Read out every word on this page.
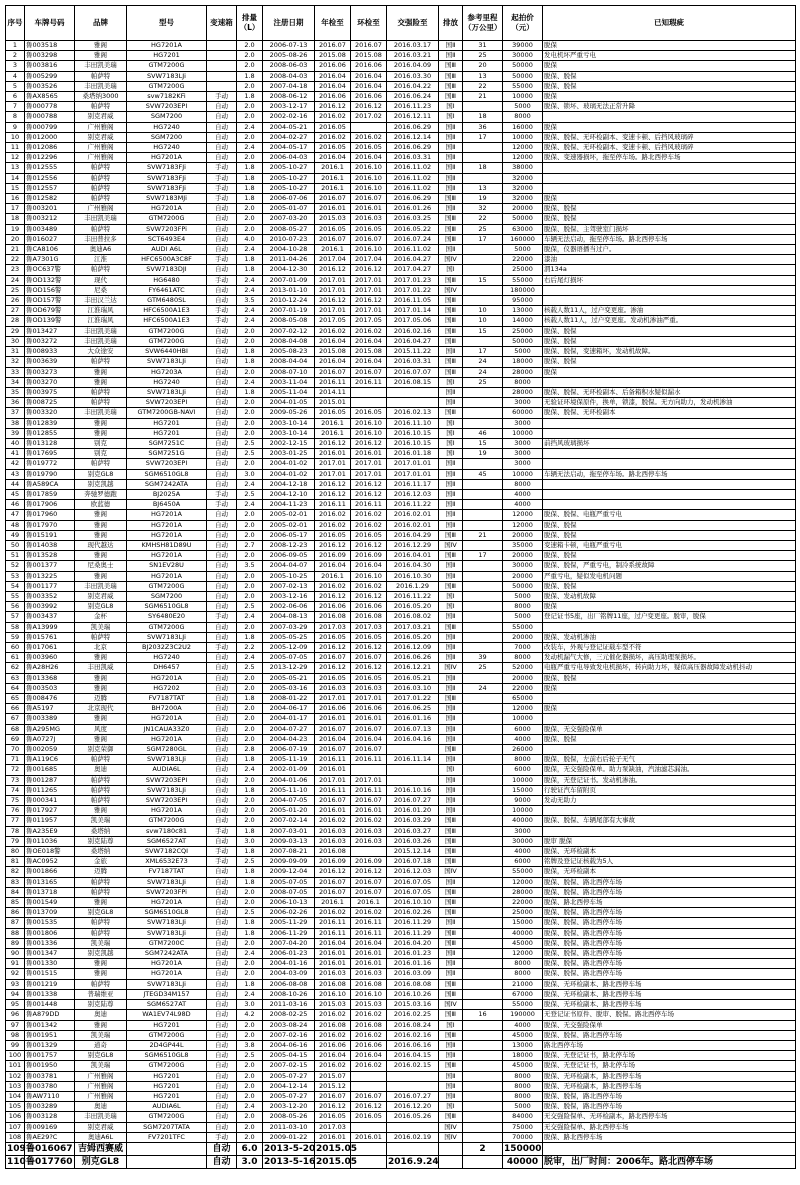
序号	车牌号码	品牌	型号	变速箱	排量（L）	注册日期	年检至	环检至	交强险至	排放	参考里程（万公里）	起拍价（元）	已知瑕疵
1	鲁003518	雅阁	HG7201A		2.0	2006-07-13	2016.07	2016.07	2016.03.17	国Ⅱ	31	39000	脱保
2	鲁003298	雅阁	HG7201		2.0	2005-08-26	2015.08	2015.08	2016.03.21	国Ⅱ	25	30000	发电机坏严重亏电
3	鲁003816	丰田凯美瑞	GTM7200G		2.0	2008-06-03	2016.06	2016.06	2016.04.09	国Ⅲ	20	50000	脱保
4	鲁005299	帕萨特	SVW7183LJi		1.8	2008-04-03	2016.04	2016.04	2016.03.30	国Ⅲ	13	50000	脱保、脱保
5	鲁003526	丰田凯美瑞	GTM7200G		2.0	2007-04-18	2016.04	2016.04	2016.04.22	国Ⅲ	22	55000	脱保、脱保
6	鲁AX8565	桑塔纳3000	svw7182KFi	手动	1.8	2008-06-12	2016.06	2016.06	2016.06.24	国Ⅲ	21	10000	脱保
7	鲁000778	帕萨特	SVW7203EPI	自动	2.0	2003-12-17	2016.12	2016.12	2016.11.23	国Ⅰ		5000	脱保、锁坏、玻璃无法正常升降
8	鲁000788	别克君威	SGM7200	自动	2.0	2002-02-16	2016.02	2017.02	2016.12.11	国Ⅰ	18	8000	
9	鲁000799	广州雅阁	HG7240	自动	2.4	2004-05-21	2016.05		2016.06.29	国Ⅱ	36	16000	脱保
10	鲁012000	别克君威	SGM7200	自动	2.0	2004-02-27	2016.02	2016.02	2016.12.14	国Ⅱ	17	10000	脱保、脱保、无环检副本、变速卡顿、后挡风玻璃碎
11	鲁012086	广州雅阁	HG7240	自动	2.4	2004-05-17	2016.05	2016.05	2016.06.29	国Ⅱ		12000	脱保、脱保、无环检副本、变速卡顿、后挡风玻璃碎
12	鲁012296	广州雅阁	HG7201A	自动	2.0	2006-04-03	2016.04	2016.04	2016.03.31	国Ⅱ		12000	脱保、变速器损坏，拖至停车场。路北西停车场
13	鲁012555	帕萨特	SVW7183FJi	手动	1.8	2005-10-27	2016.1	2016.10	2016.11.02	国Ⅱ	18	38000	
14	鲁012556	帕萨特	SVW7183FJi	手动	1.8	2005-10-27	2016.1	2016.10	2016.11.02	国Ⅱ		32000	
15	鲁012557	帕萨特	SVW7183FJi	手动	1.8	2005-10-27	2016.1	2016.10	2016.11.02	国Ⅱ	13	32000	
16	鲁012582	帕萨特	SVW7183MJi	手动	1.8	2006-07-06	2016.07	2016.07	2016.06.29	国Ⅲ	19	32000	脱保
17	鲁003201	广州雅阁	HG7201A	自动	2.0	2005-01-07	2016.01	2016.01	2016.01.26	国Ⅱ	32	20000	脱保、脱保
18	鲁003212	丰田凯美瑞	GTM7200G	自动	2.0	2007-03-20	2015.03	2016.03	2016.03.25	国Ⅲ	22	50000	脱保、脱保
19	鲁003489	帕萨特	SVW7203FPi	自动	2.0	2008-05-27	2016.05	2016.05	2016.05.22	国Ⅲ	25	63000	脱保、脱保、主驾驶室门损坏
20	鲁016027	丰田普拉多	SCT6493E4	自动	4.0	2010-07-23	2016.07	2016.07	2016.07.24	国Ⅲ	17	160000	车辆无法启动，拖至停车场。路北西停车场
21	鲁CA8106	奥迪A6	AUDI A6L	自动	2.4	2004-10-28	2016.1	2016.10	2016.11.02	国Ⅱ		5000	脱保，仪器语播当过户。
22	鲁A7301G	江淮	HFC6500A3C8F	手动	1.8	2011-04-26	2017.04	2017.04	2016.04.27	国Ⅳ		22000	漆油
23	鲁OC637警	帕萨特	SVW7183DJI	自动	1.8	2004-12-30	2016.12	2016.12	2017.04.27	国Ⅰ		25000	渭134a
24	鲁OD132警	现代	HG6480	手动	2.4	2007-01-09	2017.01	2017.01	2017.01.23	国Ⅲ	15	55000	右后尾灯损坏
25	鲁OD156警	尼桑	FY6461ATC	自动	2.4	2013-01-10	2017.01	2017.01	2017.01.22	国Ⅳ		180000	
26	鲁OD157警	丰田汉兰达	GTM6480SL	自动	3.5	2010-12-24	2016.12	2016.12	2016.11.05	国Ⅲ		95000	
27	鲁OD679警	江淮瑞风	HFC6500A1E3	手动	2.4	2007-01-19	2017.01	2017.01	2017.01.14	国Ⅲ	10	13000	核载人数11人，过户变更座。渗油
28	鲁OD139警	江淮瑞风	HFC6500A1E3	手动	2.4	2008-05-08	2017.05	2017.05	2017.05.06	国Ⅲ	10	14000	核载人数11人，过户变更座。发动机渗油严重。
29	鲁013427	丰田凯美瑞	GTM7200G	自动	2.0	2007-02-12	2016.02	2016.02	2016.02.16	国Ⅲ	15	25000	脱保、脱保
30	鲁003272	丰田凯美瑞	GTM7200G	自动	2.0	2008-04-08	2016.04	2016.04	2016.04.27	国Ⅲ		50000	脱保、脱保
31	鲁008933	大众途安	SVW6440HBI	自动	1.8	2005-08-23	2015.08	2015.08	2015.11.22	国Ⅱ	17	5000	脱保、脱保，变速箱坏，发动机故障。
32	鲁003639	帕萨特	SVW7183LJi	自动	1.8	2008-04-04	2016.04	2016.04	2016.03.31	国Ⅲ	24	18000	脱保、脱保
33	鲁003273	雅阁	HG7203A	自动	2.0	2008-07-10	2016.07	2016.07	2016.07.07	国Ⅲ	24	28000	脱保
34	鲁003270	雅阁	HG7240	自动	2.4	2003-11-04	2016.11	2016.11	2016.08.15	国Ⅰ	25	8000	
35	鲁003975	帕萨特	SVW7183LJi	自动	1.8	2005-11-04	2014.11			国Ⅱ		28000	脱保、脱保、无环检副本、后备箱积水疑似漏水
36	鲁008725	帕萨特	SVW7203EPI	自动	2.0	2004-01-05	2015.01			国Ⅱ		3000	无验证环境保原件，换单，锁漆，脱保。无方向助力，发动机渗油
37	鲁003320	丰田凯美瑞	GTM7200GB-NAVI	自动	2.0	2009-05-26	2016.05	2016.05	2016.02.13	国Ⅲ		60000	脱保、脱保、无环检副本
38	鲁012839	雅阁	HG7201	自动	2.0	2003-10-14	2016.1	2016.10	2016.11.10	国Ⅰ		3000	
39	鲁012855	雅阁	HG7201	自动	2.0	2003-10-14	2016.1	2016.10	2016.10.15	国Ⅰ	46	10000	
40	鲁013128	别克	SGM7251C	自动	2.5	2002-12-15	2016.12	2016.12	2016.10.15	国Ⅰ	15	3000	前挡风玻璃损坏
41	鲁017695	别克	SGM7251G	自动	2.5	2003-01-25	2016.01	2016.01	2016.01.18	国Ⅰ	19	3000	
42	鲁019772	帕萨特	SVW7203EPI	自动	2.0	2004-01-02	2017.01	2017.01	2017.01.01	国Ⅱ		3000	
43	鲁019790	别克GL8	SGM6510GL8	自动	3.0	2004-01-02	2017.01	2017.01	2017.01.01	国Ⅱ	45	10000	车辆无法启动，拖至停车场。路北西停车场
44	鲁A589CA	别克凯越	SGM7242ATA	自动	2.4	2004-12-18	2016.12	2016.12	2016.11.17	国Ⅱ		8000	
45	鲁017859	奔驰罗德跑	BJ2025A	手动	2.5	2004-12-10	2016.12	2016.12	2016.12.03	国Ⅱ		4000	
46	鲁017906	欧蓝德	BJ6450A	手动	2.4	2004-11-23	2016.11	2016.11	2016.11.22	国Ⅱ		4000	
47	鲁017960	雅阁	HG7201A	自动	2.0	2005-02-01	2016.02	2016.02	2016.02.01	国Ⅱ		12000	脱保、脱保、电瓶严重亏电
48	鲁017970	雅阁	HG7201A	自动	2.0	2005-02-01	2016.02	2016.02	2016.02.01	国Ⅱ		12000	脱保、脱保
49	鲁015191	雅阁	HG7201A	自动	2.0	2006-05-17	2016.05	2016.05	2016.04.29	国Ⅲ	21	20000	脱保、脱保
50	鲁014038	现代越达	KMHSH81D89U	自动	2.7	2008-12-23	2016.12	2016.12	2016.12.29	国Ⅳ		35000	变速箱卡顿，电瓶严重亏电
51	鲁013528	雅阁	HG7201A	自动	2.0	2006-09-05	2016.09	2016.09	2016.04.01	国Ⅲ	17	20000	脱保、脱保
52	鲁001377	尼桑奥士	SN1EV28U	自动	3.5	2004-04-07	2016.04	2016.04	2016.04.30	国Ⅱ		30000	脱保、脱保，严重亏电，制冷系统故障
53	鲁013225	雅阁	HG7201A	自动	2.0	2005-10-25	2016.1	2016.10	2016.10.30	国Ⅱ		20000	严重亏电，疑似发电机问题
54	鲁001177	丰田凯美瑞	GTM7200G	自动	2.0	2007-02-13	2016.02	2016.02	2016.1.29	国Ⅲ		50000	脱保、脱保
55	鲁003352	别克君威	SGM7200	自动	2.0	2003-12-16	2016.12	2016.12	2016.11.22	国Ⅰ		5000	脱保、发动机故障
56	鲁003992	别克GL8	SGM6510GL8	自动	2.5	2002-06-06	2016.06	2016.06	2016.05.20	国Ⅰ		8000	脱保
57	鲁003437	金杯	SY6480E20	手动	2.4	2004-08-13	2016.08	2016.08	2016.08.02	国Ⅱ		5000	登记证书5座，出厂铭牌11座，过户变更座。脱审，脱保
58	鲁A13999	凯美瑞	GTM7200G	自动	2.0	2007-03-29	2017.03	2017.03	2017.03.21	国Ⅲ		55000	
59	鲁015761	帕萨特	SVW7183LJi	自动	1.8	2005-05-25	2016.05	2016.05	2016.05.20	国Ⅱ		20000	脱保、发动机渗油
60	鲁017061	北京	BJ2032Z3C2U2	手动	2.2	2005-12-09	2016.12	2016.12	2016.12.09	国Ⅱ		7000	改装车，外观与登记证载车型不符
61	鲁003960	雅阁	HG7240	自动	2.4	2005-07-05	2016.07	2016.07	2016.06.26	国Ⅱ	39	8000	发动机漏气大修，三元催化器损坏，高压助理泵损坏。
62	鲁A28H26	丰田凯威	DH6457	自动	2.5	2013-12-29	2016.12	2016.12	2016.12.21	国Ⅳ	25	52000	电瓶严重亏电导致发电机损坏，转向助力坏，疑似高压器故障发动机抖动
63	鲁013368	雅阁	HG7201A	自动	2.0	2005-05-21	2016.05	2016.05	2016.05.21	国Ⅱ		20000	脱保、脱保
64	鲁003503	雅阁	HG7202	自动	2.0	2005-03-16	2016.03	2016.03	2016.03.10	国Ⅱ	24	22000	脱保
65	鲁008476	迈腾	FV7187TAT	自动	1.8	2008-01-22	2017.01	2017.01	2017.01.22	国Ⅲ		65000	
66	鲁A5197	北京现代	BH7200A	自动	2.0	2004-06-17	2016.06	2016.06	2016.06.25	国Ⅱ		12000	脱保
67	鲁003389	雅阁	HG7201A	自动	2.0	2004-01-17	2016.01	2016.01	2016.01.16	国Ⅱ		10000	
68	鲁A295MG	风度	JN1CAUA33Z0	自动	2.0	2004-07-27	2016.07	2016.07	2016.07.13	国Ⅱ		6000	脱保、无交强险保单
69	鲁A0727J	雅阁	HG7201A	自动	2.0	2004-04-23	2016.04	2016.04	2016.04.16	国Ⅱ		4000	脱保、脱保
70	鲁002059	别克荣御	SGM7280GL	自动	2.8	2006-07-19	2016.07	2016.07		国Ⅲ		26000	
71	鲁A119C6	帕萨特	SVW7183LJi	自动	1.8	2005-11-19	2016.11	2016.11	2016.11.14	国Ⅱ		8000	脱保、脱保，左前右后轮子无气
72	鲁001685	奥迪	AUDIA6L	自动	2.4	2002-01-09	2016.01			国Ⅰ		6000	脱保，无交强险保单。助力泵缺油，汽油滤芯漏油。
73	鲁001287	帕萨特	SVW7203EPI	自动	2.0	2004-01-06	2017.01	2017.01		国Ⅱ		10000	脱保，无登记证书。发动机渗油。
74	鲁011265	帕萨特	SVW7183LJi	自动	1.8	2005-11-10	2016.11	2016.11	2016.10.16	国Ⅱ		15000	行驶证汽车留附页
75	鲁000341	帕萨特	SVW7203EPI	自动	2.0	2004-07-05	2016.07	2016.07	2016.07.27	国Ⅱ		9000	发动无助力
76	鲁017927	雅阁	HG7201A	自动	2.0	2005-01-20	2016.01	2016.01	2016.01.20	国Ⅱ		10000	
77	鲁011957	凯美瑞	GTM7200G	自动	2.0	2007-02-14	2016.02	2016.02	2016.03.29	国Ⅲ		40000	脱保、脱保、车辆尾部有大事故
78	鲁A235E9	桑塔纳	svw7180c81	手动	1.8	2007-03-01	2016.03	2016.03	2016.03.27	国Ⅲ		3000	
79	鲁011036	别克陆尊	SGM6527AT	自动	3.0	2009-03-13	2016.03	2016.03	2016.03.26	国Ⅲ		30000	脱审 脱保
80	鲁OE018警	桑塔纳	SVW7182CQI	手动	1.8	2007-08-21	2016.08		2015.12.14	国Ⅲ		4000	脱保、无环检副本
81	鲁AC0952	金旅	XML6532E73	手动	2.5	2009-09-09	2016.09	2016.09	2016.07.18	国Ⅲ		6000	铭牌及登记证核载为5人
82	鲁001866	迈腾	FV7187TAT	自动	1.8	2009-12-04	2016.12	2016.12	2016.12.03	国Ⅳ		55000	脱保，无环检副本
83	鲁013165	帕萨特	SVW7183LJi	自动	1.8	2005-07-05	2016.07	2016.07	2016.07.05	国Ⅱ		12000	脱保、脱保、路北西停车场
84	鲁013718	帕萨特	SVW7203FPi	自动	2.0	2008-07-05	2016.07	2016.07	2016.07.05	国Ⅲ		28000	脱保、脱保、路北西停车场
85	鲁001549	雅阁	HG7201A	自动	2.0	2006-10-13	2016.1	2016.1	2016.10.10	国Ⅲ		22000	脱保、路北西停车场
86	鲁013709	别克GL8	SGM6510GL8	自动	2.5	2006-02-26	2016.02	2016.02	2016.02.26	国Ⅲ		25000	脱保、脱保、路北西停车场
87	鲁001535	帕萨特	SVW7183LJi	自动	1.8	2005-11-29	2016.11	2016.11	2016.11.29	国Ⅱ		15000	脱保、脱保、路北西停车场
88	鲁001806	帕萨特	SVW7183LJi	自动	1.8	2006-11-29	2016.11	2016.11	2016.11.29	国Ⅲ		40000	脱保、脱保、路北西停车场
89	鲁001336	凯美瑞	GTM7200C	自动	2.0	2007-04-20	2016.04	2016.04	2016.04.20	国Ⅲ		45000	脱保、脱保、路北西停车场
90	鲁001347	别克凯越	SGM7242ATA	自动	2.4	2006-01-23	2016.01	2016.01	2016.01.23	国Ⅱ		12000	脱保、脱保、路北西停车场
91	鲁001330	雅阁	HG7201A	自动	2.0	2004-01-16	2016.01	2016.01	2016.01.16	国Ⅱ		8000	脱保、脱保、路北西停车场
92	鲁001515	雅阁	HG7201A	自动	2.0	2004-03-09	2016.03	2016.03	2016.03.09	国Ⅱ		8000	脱保、脱保、路北西停车场
93	鲁001219	帕萨特	SVW7183LJi	自动	1.8	2006-08-08	2016.08	2016.08	2016.08.08	国Ⅲ		21000	脱保、无环检副本、路北西停车场
94	鲁001338	普瑞维亚	JTEGD34M157	自动	2.4	2008-10-26	2016.10	2016.10	2016.10.26	国Ⅲ		67000	脱保、无环检副本、路北西停车场
95	鲁001448	别克陆尊	SGM6527AT	自动	3.0	2011-03-16	2015.03	2015.03	2015.03.16	国Ⅳ		55000	脱保、无环检副本、路北西停车场
96	鲁A879DD	奥迪	WA1EV74L98D	自动	4.2	2008-02-25	2016.02	2016.02	2016.02.25	国Ⅲ	16	190000	无登记证书原件、脱审、脱保。路北西停车场
97	鲁001342	雅阁	HG7201	自动	2.0	2003-08-24	2016.08	2016.08	2016.08.24	国Ⅰ		4000	脱保、无交强险保单
98	鲁001951	凯美瑞	GTM7200G	自动	2.0	2007-02-16	2016.02	2016.02	2016.02.16	国Ⅲ		45000	脱保、脱保、路北西停车场
99	鲁001329	道奇	2D4GP44L	自动	3.8	2004-06-16	2016.06	2016.06	2016.06.16	国Ⅱ		13000	路北西停车场
100	鲁001757	别克GL8	SGM6510GL8	自动	2.5	2005-04-15	2016.04	2016.04	2016.04.15	国Ⅱ		18000	脱保、无登记证书，路北停车场
101	鲁001950	凯美瑞	GTM7200G	自动	2.0	2007-02-15	2016.02	2016.02	2016.02.15	国Ⅲ		45000	脱保、无登记证书，路北停车场
102	鲁003781	广州雅阁	HG7201	自动	2.0	2005-07-27	2015.07			国Ⅱ		8000	脱保、无环检副本，路北西停车场
103	鲁003780	广州雅阁	HG7201	自动	2.0	2004-12-14	2015.12			国Ⅱ		8000	脱保、无环检副本，路北西停车场
104	鲁AW7110	广州雅阁	HG7201	自动	2.0	2005-07-27	2016.07	2016.07	2016.07.27	国Ⅱ		8000	脱保、脱保，路北西停车场
105	鲁003289	奥迪	AUDIA6L	自动	2.4	2003-12-20	2016.12	2016.12	2016.12.20	国Ⅰ		5000	脱保、脱保，路北西停车场
106	鲁003128	丰田凯美瑞	GTM7200G	自动	2.0	2008-05-26	2016.05	2016.05	2016.05.26	国Ⅲ		84000	无交强险保单、无环检副本，路北西停车场
107	鲁009169	别克君威	SGM7207TATA	自动	2.0	2011-03-10	2017.03			国Ⅳ		75000	无交强险保单、路北西停车场
108	鲁AE29?C	奥迪A6L	FV7201TFC	手动	2.0	2009-01-22	2016.01	2016.01	2016.02.19	国Ⅳ		70000	脱保、路北西停车场
109	鲁016067	吉姆西赛威		自动	6.0	2013-5-20	2015.05				2	150000	
110	鲁017760	别克GL8		自动	3.0	2013-5-16	2015.05		2016.9.24			40000	脱审，出厂时间：2006年。路北西停车场
